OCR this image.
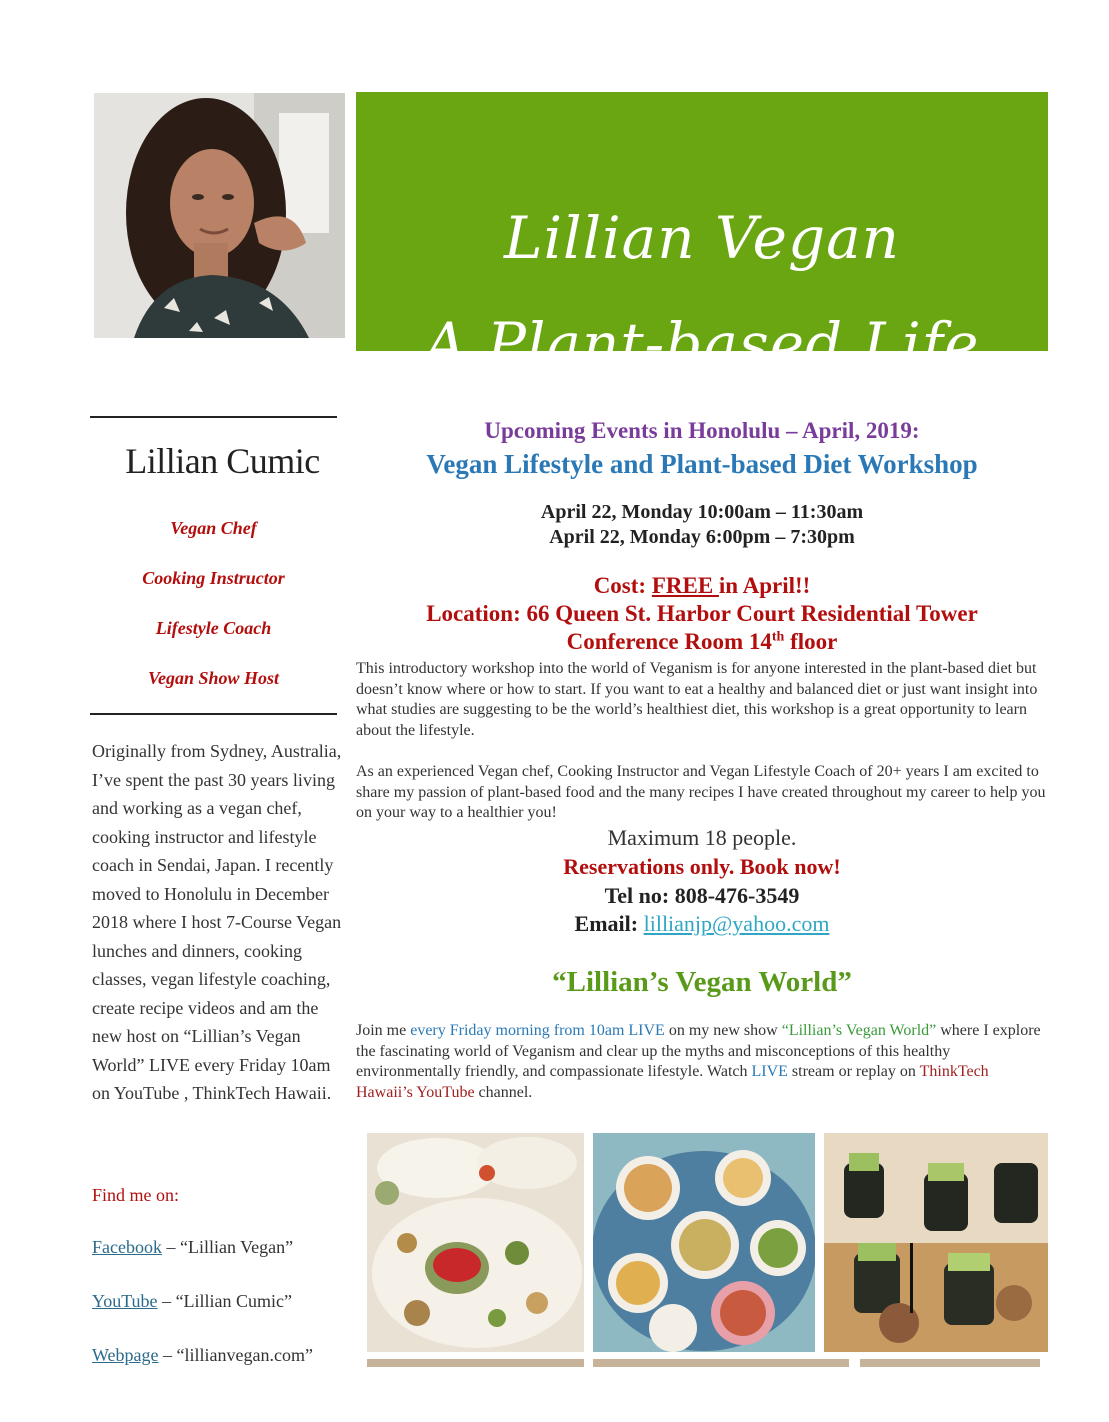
Lillian Vegan
A Plant-based Life
Lillian Cumic
Vegan Chef
Cooking Instructor
Lifestyle Coach
Vegan Show Host
Originally from Sydney, Australia, I’ve spent the past 30 years living and working as a vegan chef, cooking instructor and lifestyle coach in Sendai, Japan. I recently moved to Honolulu in December 2018 where I host 7-Course Vegan lunches and dinners, cooking classes, vegan lifestyle coaching, create recipe videos and am the new host on “Lillian’s Vegan World” LIVE every Friday 10am on YouTube , ThinkTech Hawaii.
Find me on:
Facebook – “Lillian Vegan”
YouTube – “Lillian Cumic”
Webpage – “lillianvegan.com”
Upcoming Events in Honolulu – April, 2019:
Vegan Lifestyle and Plant-based Diet Workshop
April 22, Monday 10:00am – 11:30am
April 22, Monday 6:00pm – 7:30pm
Cost: FREE in April!!
Location: 66 Queen St. Harbor Court Residential Tower
Conference Room 14th floor
This introductory workshop into the world of Veganism is for anyone interested in the plant-based diet but doesn’t know where or how to start. If you want to eat a healthy and balanced diet or just want insight into what studies are suggesting to be the world’s healthiest diet, this workshop is a great opportunity to learn about the lifestyle.
As an experienced Vegan chef, Cooking Instructor and Vegan Lifestyle Coach of 20+ years I am excited to share my passion of plant-based food and the many recipes I have created throughout my career to help you on your way to a healthier you!
Maximum 18 people.
Reservations only. Book now!
Tel no: 808-476-3549
Email: lillianjp@yahoo.com
“Lillian’s Vegan World”
Join me every Friday morning from 10am LIVE on my new show “Lillian’s Vegan World” where I explore the fascinating world of Veganism and clear up the myths and misconceptions of this healthy environmentally friendly, and compassionate lifestyle. Watch LIVE stream or replay on ThinkTech Hawaii’s YouTube channel.
